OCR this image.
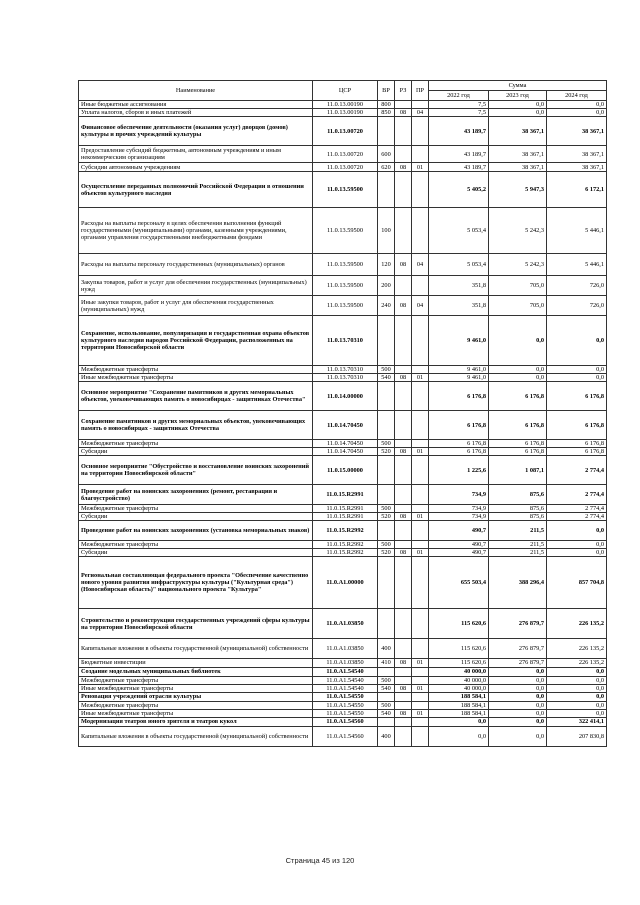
Наименование	ЦСР	ВР	РЗ	ПР	Сумма		
					2022 год	2023 год	2024 год
Иные бюджетные ассигнования	11.0.13.00190	800			7,5	0,0	0,0
Уплата налогов, сборов и иных платежей	11.0.13.00190	850	08	04	7,5	0,0	0,0
Финансовое обеспечение деятельности (оказания услуг) дворцов (домов) культуры и прочих учреждений культуры	11.0.13.00720				43 189,7	38 367,1	38 367,1
Предоставление субсидий бюджетным, автономным учреждениям и иным некоммерческим организациям	11.0.13.00720	600			43 189,7	38 367,1	38 367,1
Субсидии автономным учреждениям	11.0.13.00720	620	08	01	43 189,7	38 367,1	38 367,1
Осуществление переданных полномочий Российской Федерации в отношении объектов культурного наследия	11.0.13.59500				5 405,2	5 947,3	6 172,1
Расходы на выплаты персоналу в целях обеспечения выполнения функций государственными (муниципальными) органами, казенными учреждениями, органами управления государственными внебюджетными фондами	11.0.13.59500	100			5 053,4	5 242,3	5 446,1
Расходы на выплаты персоналу государственных (муниципальных) органов	11.0.13.59500	120	08	04	5 053,4	5 242,3	5 446,1
Закупка товаров, работ и услуг для обеспечения государственных (муниципальных) нужд	11.0.13.59500	200			351,8	705,0	726,0
Иные закупки товаров, работ и услуг для обеспечения государственных (муниципальных) нужд	11.0.13.59500	240	08	04	351,8	705,0	726,0
Сохранение, использование, популяризация и государственная охрана объектов культурного наследия народов Российской Федерации, расположенных на территории Новосибирской области	11.0.13.70310				9 461,0	0,0	0,0
Межбюджетные трансферты	11.0.13.70310	500			9 461,0	0,0	0,0
Иные межбюджетные трансферты	11.0.13.70310	540	08	01	9 461,0	0,0	0,0
Основное мероприятие "Сохранение памятников и других мемориальных объектов, увековечивающих память о новосибирцах - защитниках Отечества"	11.0.14.00000				6 176,8	6 176,8	6 176,8
Сохранение памятников и других мемориальных объектов, увековечивающих память о новосибирцах - защитниках Отечества	11.0.14.70450				6 176,8	6 176,8	6 176,8
Межбюджетные трансферты	11.0.14.70450	500			6 176,8	6 176,8	6 176,8
Субсидии	11.0.14.70450	520	08	01	6 176,8	6 176,8	6 176,8
Основное мероприятие "Обустройство и восстановление воинских захоронений на территории Новосибирской области"	11.0.15.00000				1 225,6	1 087,1	2 774,4
Проведение работ на воинских захоронениях (ремонт, реставрация и благоустройство)	11.0.15.R2991				734,9	875,6	2 774,4
Межбюджетные трансферты	11.0.15.R2991	500			734,9	875,6	2 774,4
Субсидии	11.0.15.R2991	520	08	01	734,9	875,6	2 774,4
Проведение работ на воинских захоронениях (установка мемориальных знаков)	11.0.15.R2992				490,7	211,5	0,0
Межбюджетные трансферты	11.0.15.R2992	500			490,7	211,5	0,0
Субсидии	11.0.15.R2992	520	08	01	490,7	211,5	0,0
Региональная составляющая федерального проекта "Обеспечение качественно нового уровня развития инфраструктуры культуры ("Культурная среда") (Новосибирская область)" национального проекта "Культура"	11.0.A1.00000				655 503,4	388 296,4	857 704,8
Строительство и реконструкция государственных учреждений сферы культуры на территории Новосибирской области	11.0.A1.03850				115 620,6	276 879,7	226 135,2
Капитальные вложения в объекты государственной (муниципальной) собственности	11.0.A1.03850	400			115 620,6	276 879,7	226 135,2
Бюджетные инвестиции	11.0.A1.03850	410	08	01	115 620,6	276 879,7	226 135,2
Создание модельных муниципальных библиотек	11.0.A1.54540				40 000,0	0,0	0,0
Межбюджетные трансферты	11.0.A1.54540	500			40 000,0	0,0	0,0
Иные межбюджетные трансферты	11.0.A1.54540	540	08	01	40 000,0	0,0	0,0
Реновация учреждений отрасли культуры	11.0.A1.54550				188 584,1	0,0	0,0
Межбюджетные трансферты	11.0.A1.54550	500			188 584,1	0,0	0,0
Иные межбюджетные трансферты	11.0.A1.54550	540	08	01	188 584,1	0,0	0,0
Модернизация театров юного зрителя и театров кукол	11.0.A1.54560				0,0	0,0	322 414,1
Капитальные вложения в объекты государственной (муниципальной) собственности	11.0.A1.54560	400			0,0	0,0	207 830,8
Страница 45 из 120
